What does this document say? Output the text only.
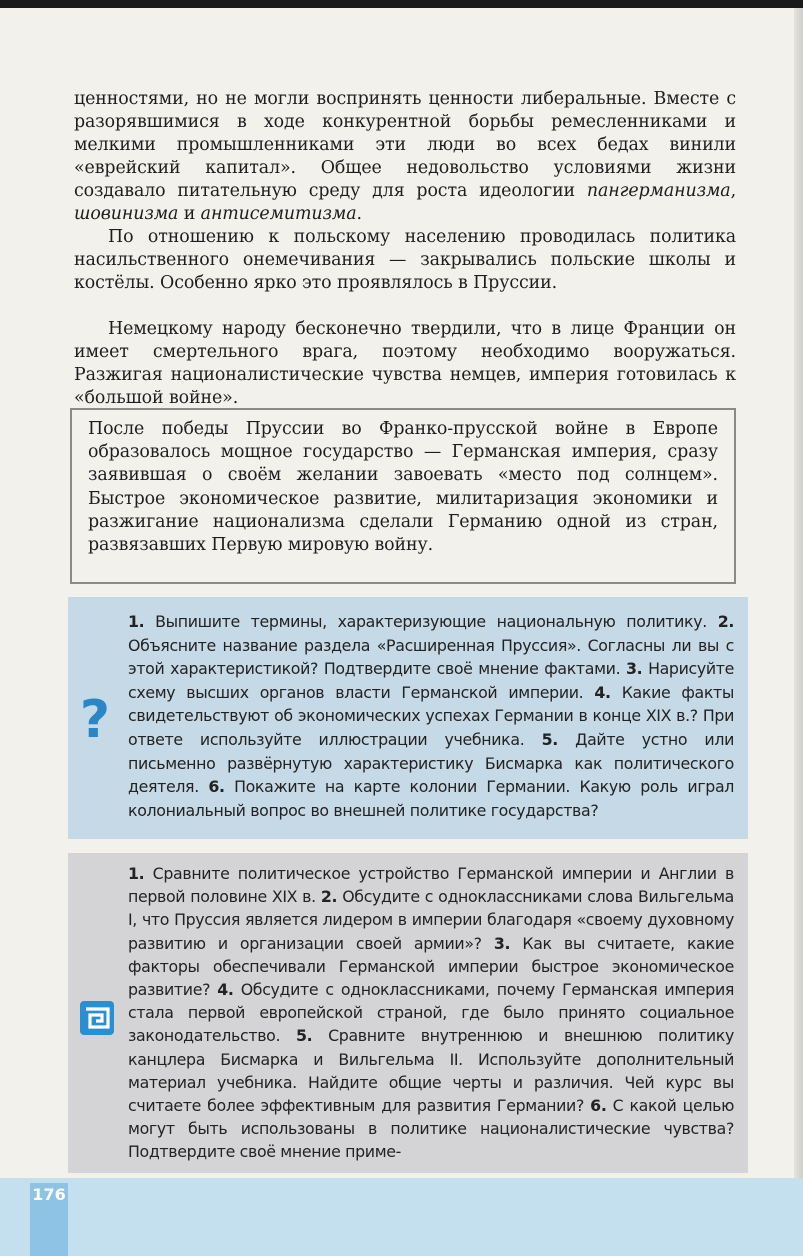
ценностями, но не могли воспринять ценности либеральные. Вместе с разорявшимися в ходе конкурентной борьбы ремесленниками и мелкими промышленниками эти люди во всех бедах винили «еврейский капитал». Общее недовольство условиями жизни создавало питательную среду для роста идеологии пангерманизма, шовинизма и антисемитизма.

По отношению к польскому населению проводилась политика насильственного онемечивания — закрывались польские школы и костёлы. Особенно ярко это проявлялось в Пруссии.

Немецкому народу бесконечно твердили, что в лице Франции он имеет смертельного врага, поэтому необходимо вооружаться. Разжигая националистические чувства немцев, империя готовилась к «большой войне».

После победы Пруссии во Франко-прусской войне в Европе образовалось мощное государство — Германская империя, сразу заявившая о своём желании завоевать «место под солнцем». Быстрое экономическое развитие, милитаризация экономики и разжигание национализма сделали Германию одной из стран, развязавших Первую мировую войну.

?

1. Выпишите термины, характеризующие национальную политику. 2. Объясните название раздела «Расширенная Пруссия». Согласны ли вы с этой характеристикой? Подтвердите своё мнение фактами. 3. Нарисуйте схему высших органов власти Германской империи. 4. Какие факты свидетельствуют об экономических успехах Германии в конце XIX в.? При ответе используйте иллюстрации учебника. 5. Дайте устно или письменно развёрнутую характеристику Бисмарка как политического деятеля. 6. Покажите на карте колонии Германии. Какую роль играл колониальный вопрос во внешней политике государства?

1. Сравните политическое устройство Германской империи и Англии в первой половине XIX в. 2. Обсудите с одноклассниками слова Вильгельма I, что Пруссия является лидером в империи благодаря «своему духовному развитию и организации своей армии»? 3. Как вы считаете, какие факторы обеспечивали Германской империи быстрое экономическое развитие? 4. Обсудите с одноклассниками, почему Германская империя стала первой европейской страной, где было принято социальное законодательство. 5. Сравните внутреннюю и внешнюю политику канцлера Бисмарка и Вильгельма II. Используйте дополнительный материал учебника. Найдите общие черты и различия. Чей курс вы считаете более эффективным для развития Германии? 6. С какой целью могут быть использованы в политике националистические чувства? Подтвердите своё мнение приме-

176
